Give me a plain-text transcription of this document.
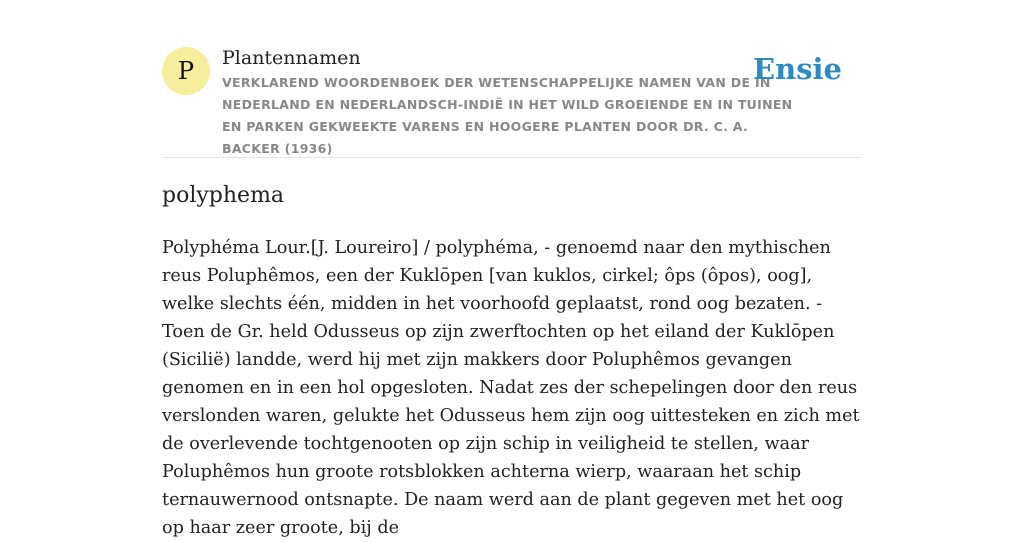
P	Plantennamen
VERKLAREND WOORDENBOEK DER WETENSCHAPPELIJKE NAMEN VAN DE IN NEDERLAND EN NEDERLANDSCH-INDIË IN HET WILD GROEIENDE EN IN TUINEN EN PARKEN GEKWEEKTE VARENS EN HOOGERE PLANTEN DOOR DR. C. A. BACKER (1936)
Ensie
polyphema

Polyphéma Lour.[J. Loureiro] / polyphéma, - genoemd naar den mythischen reus Poluphêmos, een der Kuklōpen [van kuklos, cirkel; ôps (ôpos), oog], welke slechts één, midden in het voorhoofd geplaatst, rond oog bezaten. - Toen de Gr. held Odusseus op zijn zwerftochten op het eiland der Kuklōpen (Sicilië) landde, werd hij met zijn makkers door Poluphêmos gevangen genomen en in een hol opgesloten. Nadat zes der schepelingen door den reus verslonden waren, gelukte het Odusseus hem zijn oog uittesteken en zich met de overlevende tochtgenooten op zijn schip in veiligheid te stellen, waar Poluphêmos hun groote rotsblokken achterna wierp, waaraan het schip ternauwernood ontsnapte. De naam werd aan de plant gegeven met het oog op haar zeer groote, bij de
